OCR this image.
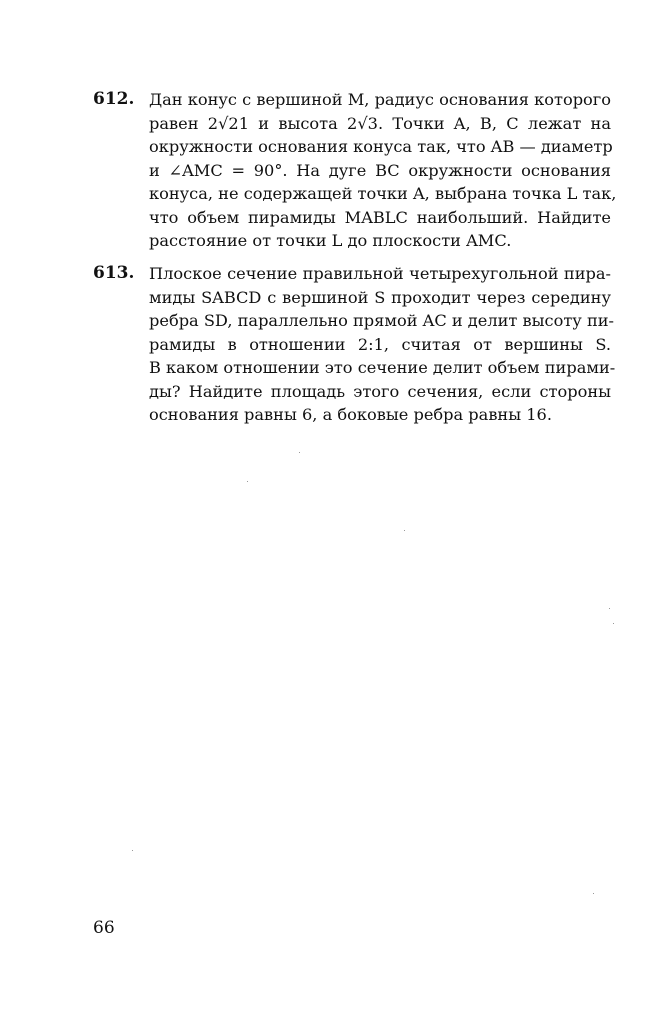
612. Дан конус с вершиной M, радиус основания которого
равен 2√21 и высота 2√3. Точки A, B, C лежат на
окружности основания конуса так, что AB — диаметр
и ∠AMC = 90°. На дуге BC окружности основания
конуса, не содержащей точки A, выбрана точка L так,
что объем пирамиды MABLC наибольший. Найдите
расстояние от точки L до плоскости AMC.
613. Плоское сечение правильной четырехугольной пира-
миды SABCD с вершиной S проходит через середину
ребра SD, параллельно прямой AC и делит высоту пи-
рамиды в отношении 2:1, считая от вершины S.
В каком отношении это сечение делит объем пирами-
ды? Найдите площадь этого сечения, если стороны
основания равны 6, а боковые ребра равны 16.
66
